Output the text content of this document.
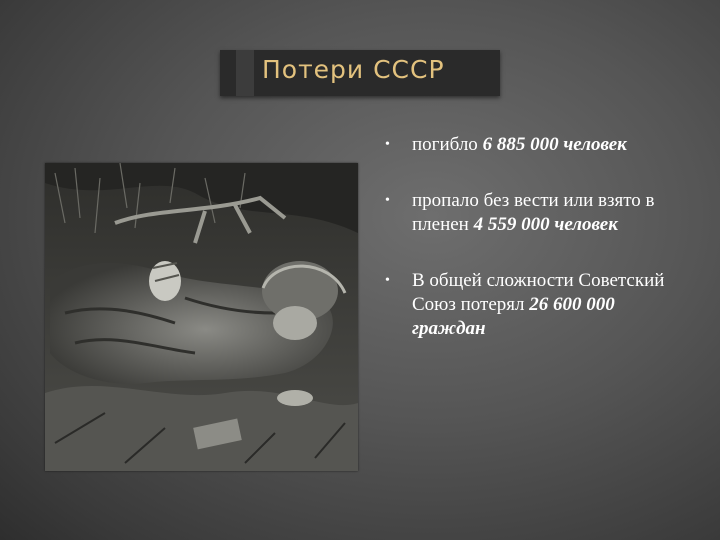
Потери СССР
• погибло 6 885 000 человек
• пропало без вести или взято в пленен 4 559 000 человек
• В общей сложности Советский Союз потерял 26 600 000 граждан
